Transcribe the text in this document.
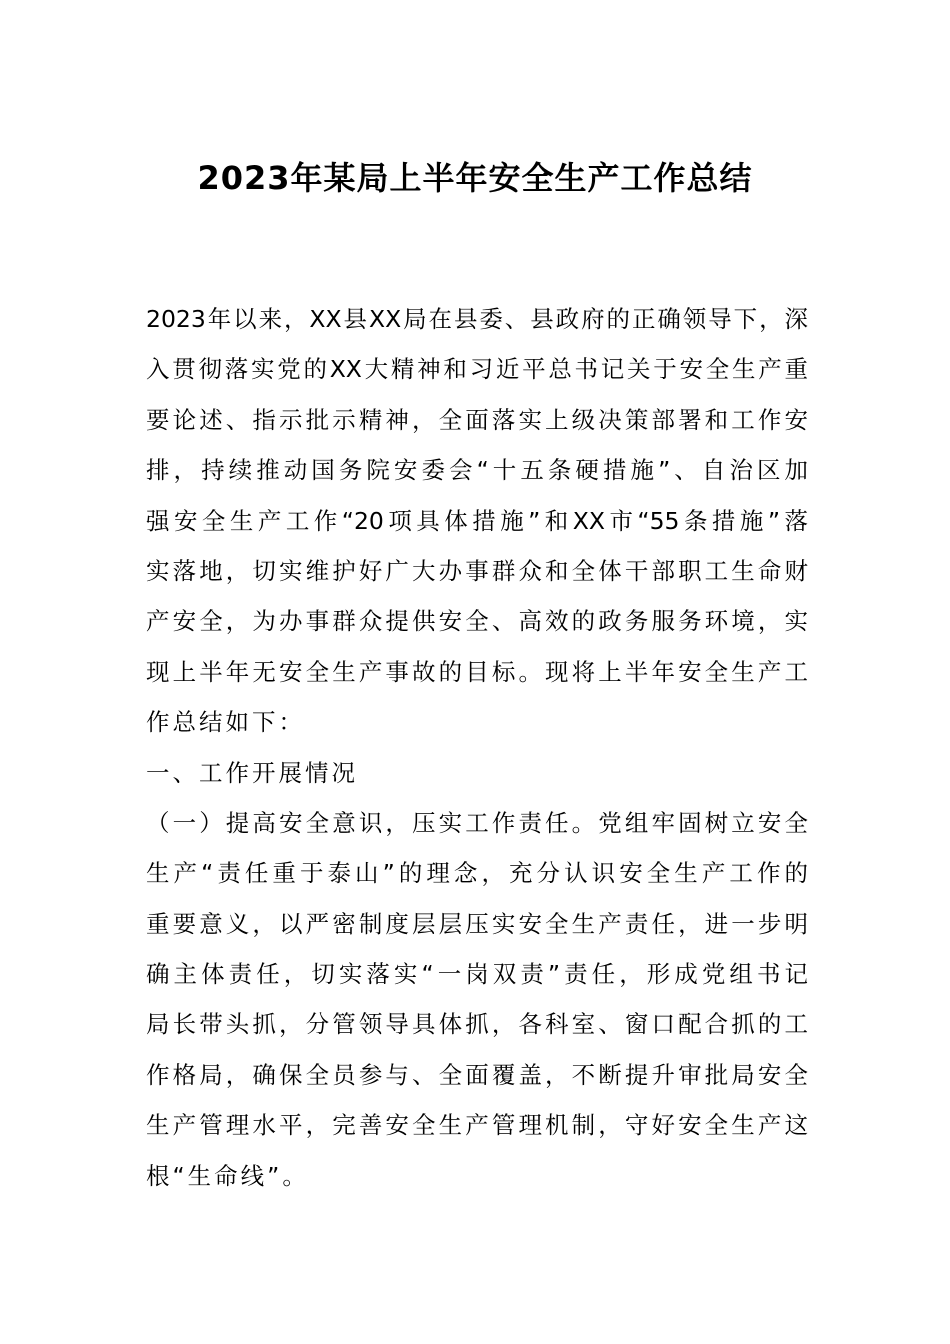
2023年某局上半年安全生产工作总结
2023年以来，XX县XX局在县委、县政府的正确领导下，深
入贯彻落实党的XX大精神和习近平总书记关于安全生产重
要论述、指示批示精神，全面落实上级决策部署和工作安
排，持续推动国务院安委会“十五条硬措施”、自治区加
强安全生产工作“20项具体措施”和XX市“55条措施”落
实落地，切实维护好广大办事群众和全体干部职工生命财
产安全，为办事群众提供安全、高效的政务服务环境，实
现上半年无安全生产事故的目标。现将上半年安全生产工
作总结如下：
一、工作开展情况
（一）提高安全意识，压实工作责任。党组牢固树立安全
生产“责任重于泰山”的理念，充分认识安全生产工作的
重要意义，以严密制度层层压实安全生产责任，进一步明
确主体责任，切实落实“一岗双责”责任，形成党组书记
局长带头抓，分管领导具体抓，各科室、窗口配合抓的工
作格局，确保全员参与、全面覆盖，不断提升审批局安全
生产管理水平，完善安全生产管理机制，守好安全生产这
根“生命线”。
